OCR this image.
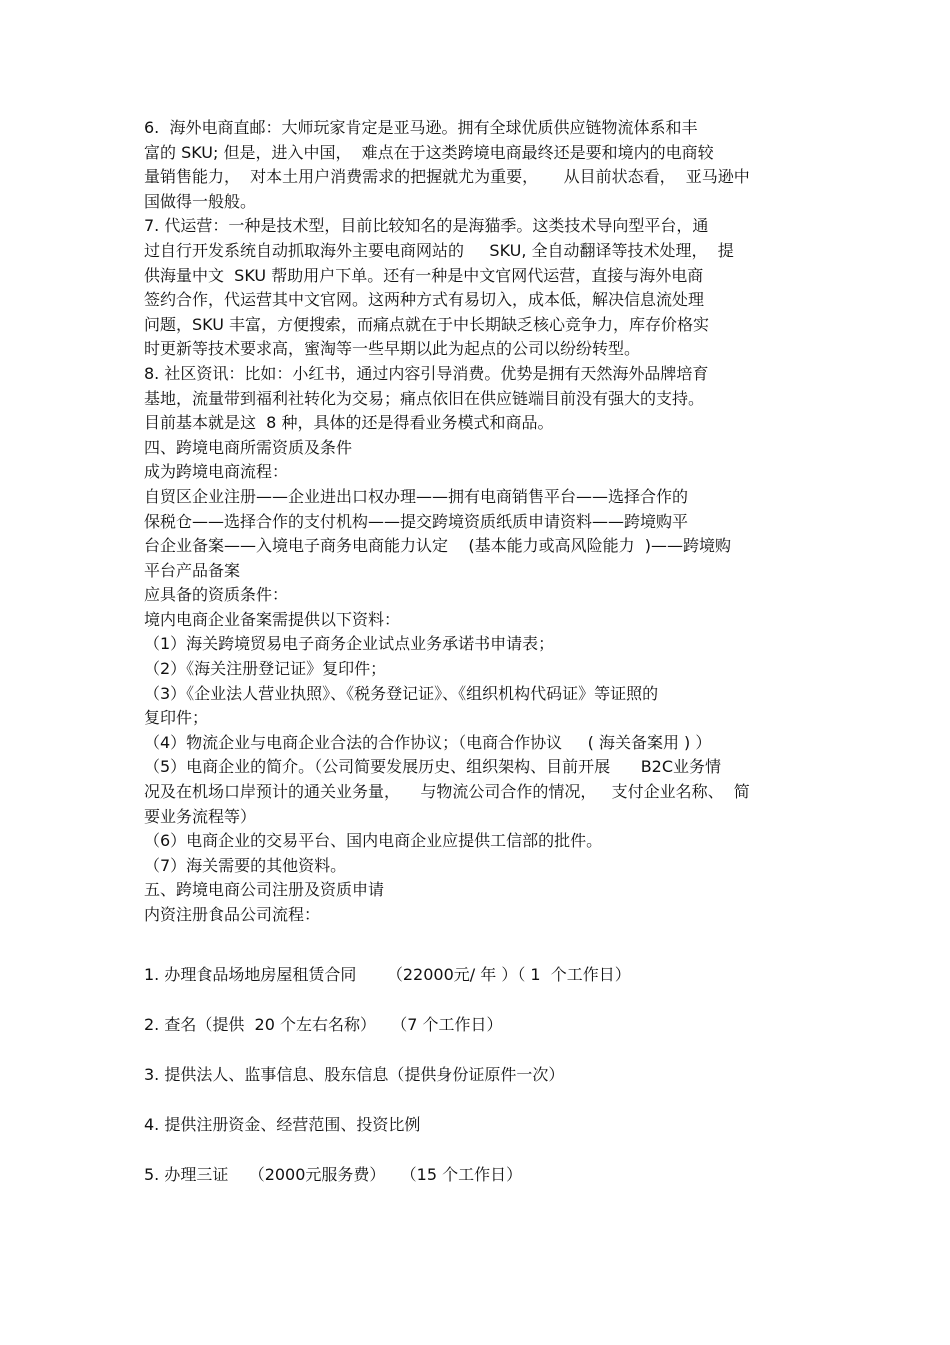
6.  海外电商直邮：大师玩家肯定是亚马逊。拥有全球优质供应链物流体系和丰
富的 SKU; 但是，进入中国，  难点在于这类跨境电商最终还是要和境内的电商较
量销售能力，  对本土用户消费需求的把握就尤为重要，     从目前状态看，  亚马逊中
国做得一般般。
7. 代运营：一种是技术型，目前比较知名的是海猫季。这类技术导向型平台，通
过自行开发系统自动抓取海外主要电商网站的     SKU, 全自动翻译等技术处理，  提
供海量中文  SKU 帮助用户下单。还有一种是中文官网代运营，直接与海外电商
签约合作，代运营其中文官网。这两种方式有易切入，成本低，解决信息流处理
问题，SKU 丰富，方便搜索，而痛点就在于中长期缺乏核心竞争力，库存价格实
时更新等技术要求高，蜜淘等一些早期以此为起点的公司以纷纷转型。
8. 社区资讯：比如：小红书，通过内容引导消费。优势是拥有天然海外品牌培育
基地，流量带到福利社转化为交易；痛点依旧在供应链端目前没有强大的支持。
目前基本就是这  8 种，具体的还是得看业务模式和商品。
四、跨境电商所需资质及条件
成为跨境电商流程：
自贸区企业注册——企业进出口权办理——拥有电商销售平台——选择合作的
保税仓——选择合作的支付机构——提交跨境资质纸质申请资料——跨境购平
台企业备案——入境电子商务电商能力认定    (基本能力或高风险能力  )——跨境购
平台产品备案
应具备的资质条件：
境内电商企业备案需提供以下资料：
（1）海关跨境贸易电子商务企业试点业务承诺书申请表；
（2）《海关注册登记证》复印件；
（3）《企业法人营业执照》、《税务登记证》、《组织机构代码证》等证照的
复印件；
（4）物流企业与电商企业合法的合作协议；（电商合作协议     ( 海关备案用 ) ）
（5）电商企业的简介。（公司简要发展历史、组织架构、目前开展      B2C业务情
况及在机场口岸预计的通关业务量，    与物流公司合作的情况，   支付企业名称、  简
要业务流程等）
（6）电商企业的交易平台、国内电商企业应提供工信部的批件。
（7）海关需要的其他资料。
五、跨境电商公司注册及资质申请
内资注册食品公司流程：
1. 办理食品场地房屋租赁合同      （22000元/ 年 ）（ 1  个工作日）
2. 查名（提供  20 个左右名称）   （7 个工作日）
3. 提供法人、监事信息、股东信息（提供身份证原件一次）
4. 提供注册资金、经营范围、投资比例
5. 办理三证    （2000元服务费）   （15 个工作日）
